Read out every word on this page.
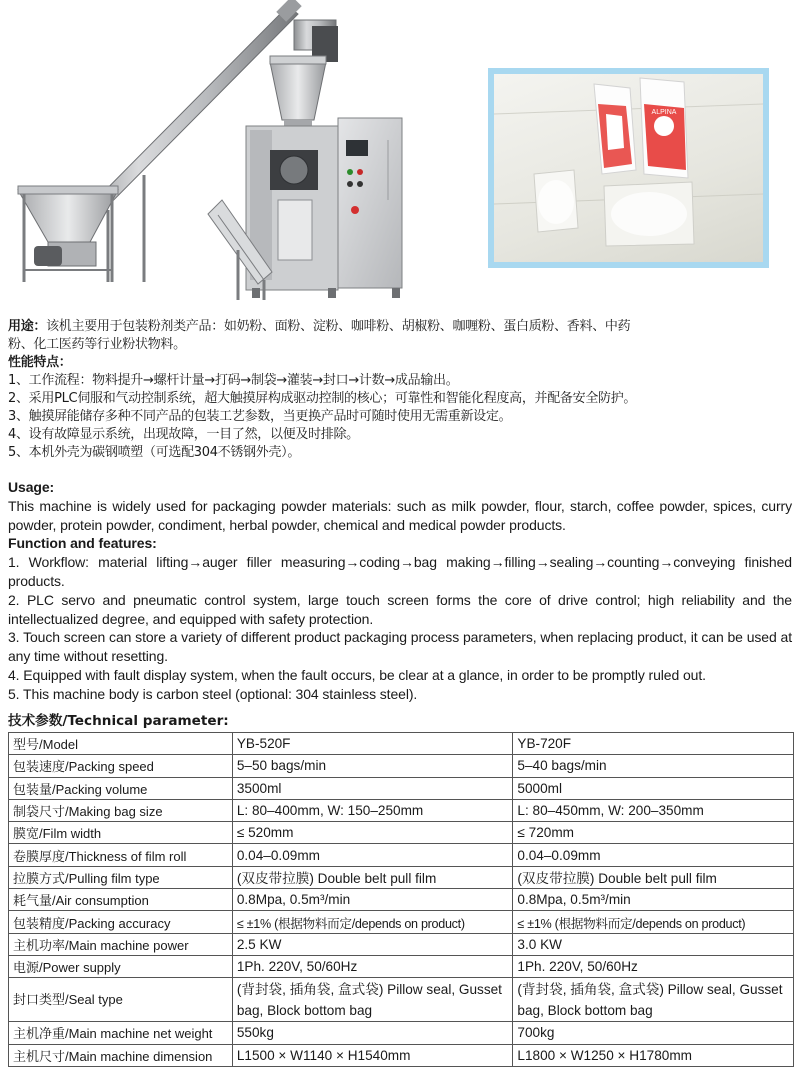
ALPINA
用途：该机主要用于包装粉剂类产品：如奶粉、面粉、淀粉、咖啡粉、胡椒粉、咖喱粉、蛋白质粉、香料、中药
粉、化工医药等行业粉状物料。
性能特点：
1、工作流程：物料提升→螺杆计量→打码→制袋→灌装→封口→计数→成品输出。
2、采用PLC伺服和气动控制系统，超大触摸屏构成驱动控制的核心；可靠性和智能化程度高，并配备安全防护。
3、触摸屏能储存多种不同产品的包装工艺参数，当更换产品时可随时使用无需重新设定。
4、设有故障显示系统，出现故障，一目了然，以便及时排除。
5、本机外壳为碳钢喷塑（可选配304不锈钢外壳）。
Usage:
This machine is widely used for packaging powder materials: such as milk powder, flour, starch, coffee powder, spices, curry powder, protein powder, condiment, herbal powder, chemical and medical powder products.
Function and features:
1. Workflow: material lifting→auger filler measuring→coding→bag making→filling→sealing→counting→conveying finished products.
2. PLC servo and pneumatic control system, large touch screen forms the core of drive control; high reliability and the intellectualized degree, and equipped with safety protection.
3. Touch screen can store a variety of different product packaging process parameters, when replacing product, it can be used at any time without resetting.
4. Equipped with fault display system, when the fault occurs, be clear at a glance, in order to be promptly ruled out.
5. This machine body is carbon steel (optional: 304 stainless steel).
技术参数/Technical parameter:
型号/Model	YB-520F	YB-720F
包装速度/Packing speed	5–50 bags/min	5–40 bags/min
包装量/Packing volume	3500ml	5000ml
制袋尺寸/Making bag size	L: 80–400mm, W: 150–250mm	L: 80–450mm, W: 200–350mm
膜宽/Film width	≤ 520mm	≤ 720mm
卷膜厚度/Thickness of film roll	0.04–0.09mm	0.04–0.09mm
拉膜方式/Pulling film type	(双皮带拉膜) Double belt pull film	(双皮带拉膜) Double belt pull film
耗气量/Air consumption	0.8Mpa, 0.5m³/min	0.8Mpa, 0.5m³/min
包装精度/Packing accuracy	≤ ±1% (根据物料而定/depends on product)	≤ ±1% (根据物料而定/depends on product)
主机功率/Main machine power	2.5 KW	3.0 KW
电源/Power supply	1Ph. 220V, 50/60Hz	1Ph. 220V, 50/60Hz
封口类型/Seal type	(背封袋, 插角袋, 盒式袋) Pillow seal, Gusset bag, Block bottom bag	(背封袋, 插角袋, 盒式袋) Pillow seal, Gusset bag, Block bottom bag
主机净重/Main machine net weight	550kg	700kg
主机尺寸/Main machine dimension	L1500 × W1140 × H1540mm	L1800 × W1250 × H1780mm
